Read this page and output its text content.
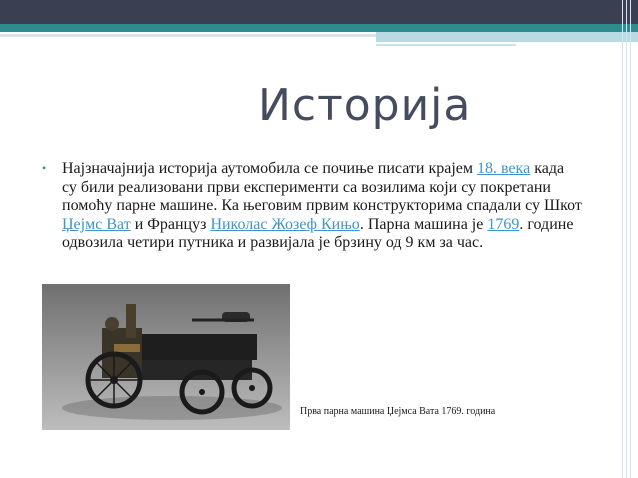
Историја
• Најзначајнија историја аутомобила се почиње писати крајем 18. века када су били реализовани први експерименти са возилима који су покретани помоћу парне машине. Ка његовим првим конструкторима спадали су Шкот Џејмс Ват и Француз Николас Жозеф Кињо. Парна машина је 1769. године одвозила четири путника и развијала је брзину од 9 км за час.
Прва парна машина Џејмса Вата 1769. година
